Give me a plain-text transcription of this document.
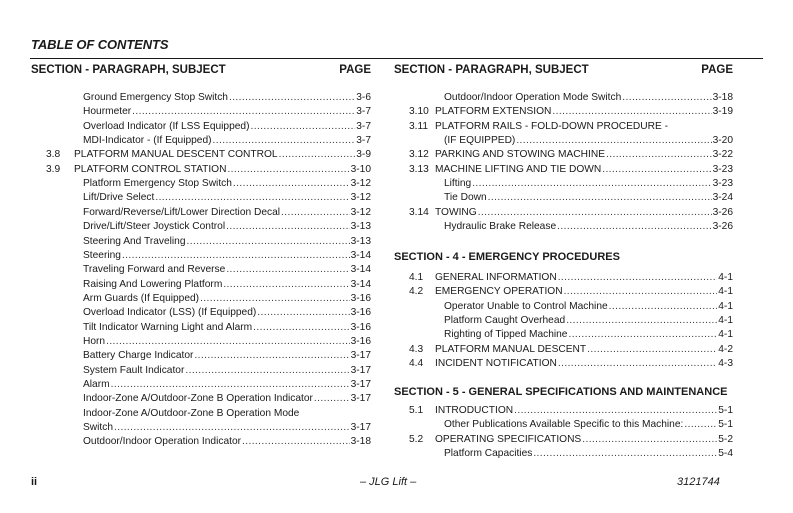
TABLE OF CONTENTS
SECTION - PARAGRAPH, SUBJECT	PAGE
Ground Emergency Stop Switch .....	3-6
Hourmeter .....	3-7
Overload Indicator (If LSS Equipped) .....	3-7
MDI-Indicator - (If Equipped) .....	3-7
3.8 PLATFORM MANUAL DESCENT CONTROL .....	3-9
3.9 PLATFORM CONTROL STATION .....	3-10
Platform Emergency Stop Switch .....	3-12
Lift/Drive Select .....	3-12
Forward/Reverse/Lift/Lower Direction Decal .....	3-12
Drive/Lift/Steer Joystick Control .....	3-13
Steering And Traveling .....	3-13
Steering .....	3-14
Traveling Forward and Reverse .....	3-14
Raising And Lowering Platform .....	3-14
Arm Guards (If Equipped) .....	3-16
Overload Indicator (LSS) (If Equipped) .....	3-16
Tilt Indicator Warning Light and Alarm .....	3-16
Horn .....	3-16
Battery Charge Indicator .....	3-17
System Fault Indicator .....	3-17
Alarm .....	3-17
Indoor-Zone A/Outdoor-Zone B Operation Indicator .....	3-17
Indoor-Zone A/Outdoor-Zone B Operation Mode
Switch .....	3-17
Outdoor/Indoor Operation Indicator .....	3-18
SECTION - PARAGRAPH, SUBJECT	PAGE
SECTION - 4 - EMERGENCY PROCEDURES
SECTION - 5 - GENERAL SPECIFICATIONS AND MAINTENANCE
Outdoor/Indoor Operation Mode Switch .....	3-18
3.10 PLATFORM EXTENSION .....	3-19
3.11 PLATFORM RAILS - FOLD-DOWN PROCEDURE -
(IF EQUIPPED) .....	3-20
3.12 PARKING AND STOWING MACHINE .....	3-22
3.13 MACHINE LIFTING AND TIE DOWN .....	3-23
Lifting .....	3-23
Tie Down .....	3-24
3.14 TOWING .....	3-26
Hydraulic Brake Release .....	3-26
4.1 GENERAL INFORMATION .....	4-1
4.2 EMERGENCY OPERATION .....	4-1
Operator Unable to Control Machine .....	4-1
Platform Caught Overhead .....	4-1
Righting of Tipped Machine .....	4-1
4.3 PLATFORM MANUAL DESCENT .....	4-2
4.4 INCIDENT NOTIFICATION .....	4-3
5.1 INTRODUCTION .....	5-1
Other Publications Available Specific to this Machine: .....	5-1
5.2 OPERATING SPECIFICATIONS .....	5-2
Platform Capacities .....	5-4
ii	– JLG Lift –	3121744
